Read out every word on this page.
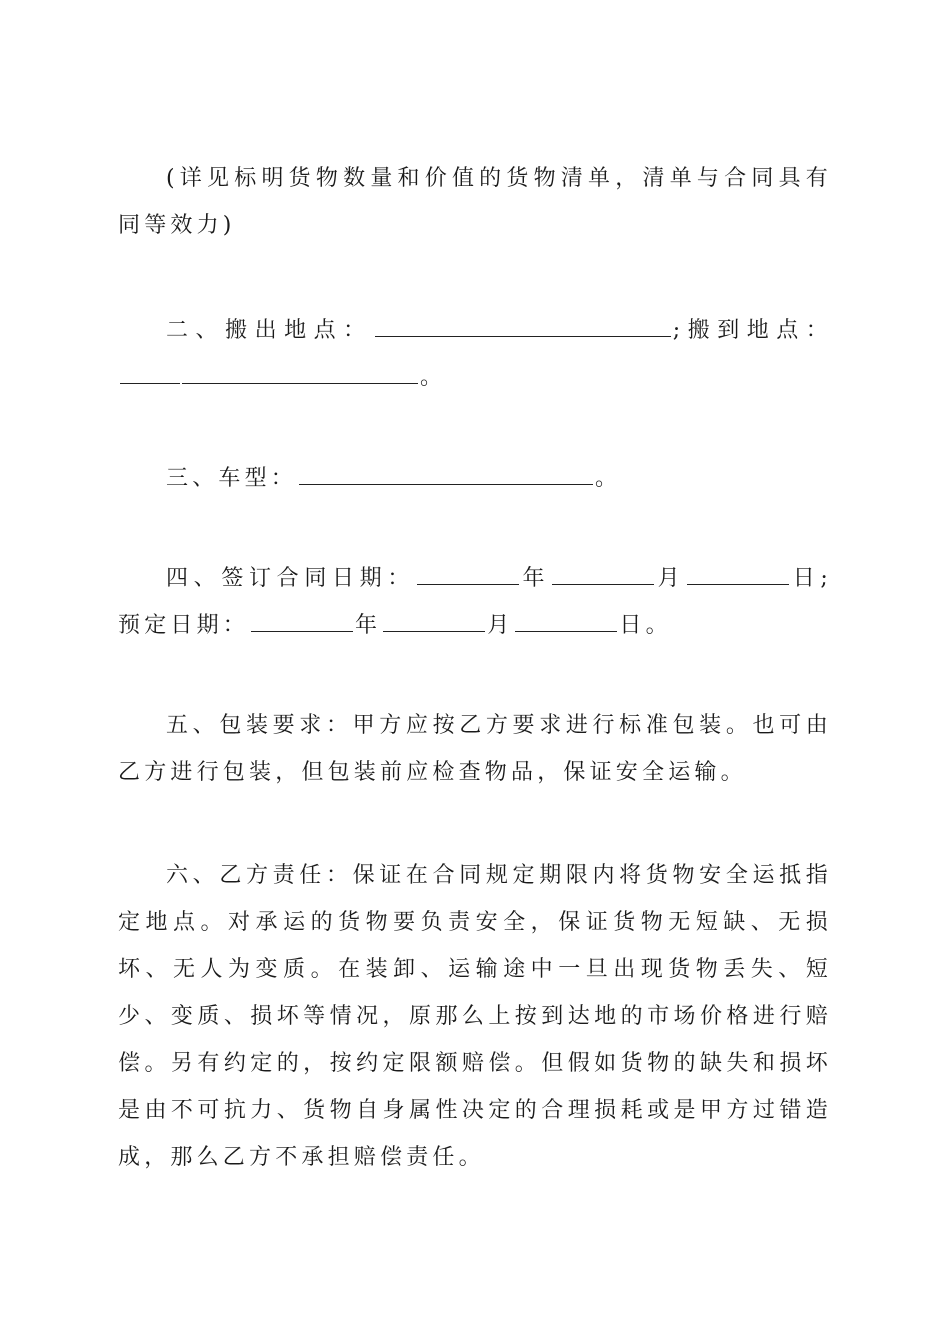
(详见标明货物数量和价值的货物清单，清单与合同具有同等效力)
二、搬出地点：	;搬到地点：。
三、车型：	。
四、签订合同日期：	年	月	日;预定日期：	年	月	日。
五、包装要求：甲方应按乙方要求进行标准包装。也可由乙方进行包装，但包装前应检查物品，保证安全运输。
六、乙方责任：保证在合同规定期限内将货物安全运抵指定地点。对承运的货物要负责安全，保证货物无短缺、无损坏、无人为变质。在装卸、运输途中一旦出现货物丢失、短少、变质、损坏等情况，原那么上按到达地的市场价格进行赔偿。另有约定的，按约定限额赔偿。但假如货物的缺失和损坏是由不可抗力、货物自身属性决定的合理损耗或是甲方过错造成，那么乙方不承担赔偿责任。
